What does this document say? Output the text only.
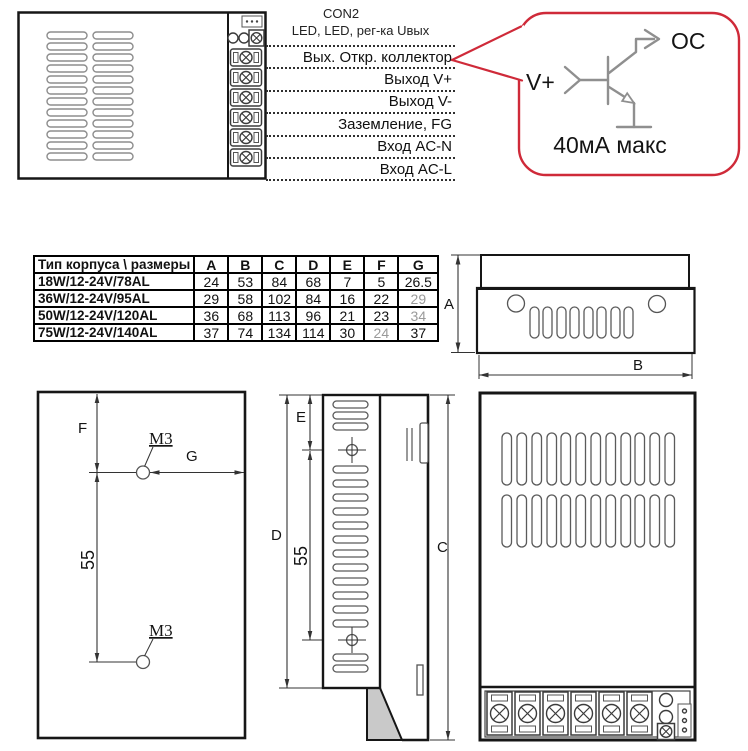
CON2
LED, LED, рег-ка Uвых
Вых. Откр. коллектор
Выход V+
Выход V-
Заземление, FG
Вход AC-N
Вход AC-L
V+
OC
40мА макс
Тип корпуса \ размеры	A	B	C	D	E	F	G
18W/12-24V/78AL	24	53	84	68	7	5	26.5
36W/12-24V/95AL	29	58	102	84	16	22	29
50W/12-24V/120AL	36	68	113	96	21	23	34
75W/12-24V/140AL	37	74	134	114	30	24	37
A
B
F
M3
G
55
M3
D
E
55	C
